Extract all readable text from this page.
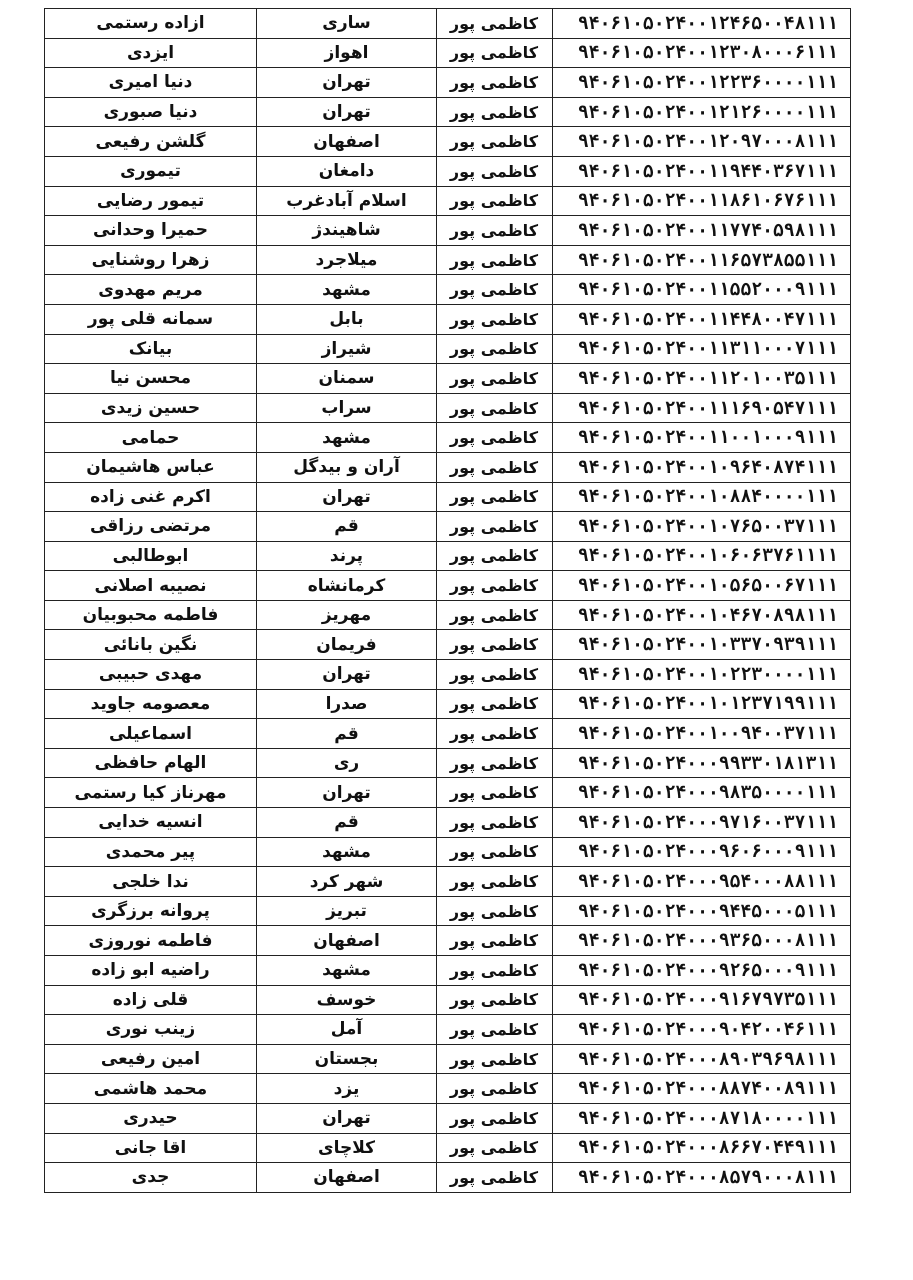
۹۴۰۶۱۰۵۰۲۴۰۰۱۲۴۶۵۰۰۴۸۱۱۱	کاظمی پور	ساری	ازاده رستمی
۹۴۰۶۱۰۵۰۲۴۰۰۱۲۳۰۸۰۰۰۶۱۱۱	کاظمی پور	اهواز	ایزدی
۹۴۰۶۱۰۵۰۲۴۰۰۱۲۲۳۶۰۰۰۰۱۱۱	کاظمی پور	تهران	دنیا امیری
۹۴۰۶۱۰۵۰۲۴۰۰۱۲۱۲۶۰۰۰۰۱۱۱	کاظمی پور	تهران	دنیا صبوری
۹۴۰۶۱۰۵۰۲۴۰۰۱۲۰۹۷۰۰۰۸۱۱۱	کاظمی پور	اصفهان	گلشن رفیعی
۹۴۰۶۱۰۵۰۲۴۰۰۱۱۹۴۴۰۳۶۷۱۱۱	کاظمی پور	دامغان	تیموری
۹۴۰۶۱۰۵۰۲۴۰۰۱۱۸۶۱۰۶۷۶۱۱۱	کاظمی پور	اسلام آبادغرب	تیمور رضایی
۹۴۰۶۱۰۵۰۲۴۰۰۱۱۷۷۴۰۵۹۸۱۱۱	کاظمی پور	شاهیندژ	حمیرا وحدانی
۹۴۰۶۱۰۵۰۲۴۰۰۱۱۶۵۷۳۸۵۵۱۱۱	کاظمی پور	میلاجرد	زهرا روشنایی
۹۴۰۶۱۰۵۰۲۴۰۰۱۱۵۵۲۰۰۰۹۱۱۱	کاظمی پور	مشهد	مریم مهدوی
۹۴۰۶۱۰۵۰۲۴۰۰۱۱۴۴۸۰۰۴۷۱۱۱	کاظمی پور	بابل	سمانه قلی پور
۹۴۰۶۱۰۵۰۲۴۰۰۱۱۳۱۱۰۰۰۷۱۱۱	کاظمی پور	شیراز	بیانک
۹۴۰۶۱۰۵۰۲۴۰۰۱۱۲۰۱۰۰۳۵۱۱۱	کاظمی پور	سمنان	محسن نیا
۹۴۰۶۱۰۵۰۲۴۰۰۱۱۱۶۹۰۵۴۷۱۱۱	کاظمی پور	سراب	حسین زیدی
۹۴۰۶۱۰۵۰۲۴۰۰۱۱۰۰۱۰۰۰۹۱۱۱	کاظمی پور	مشهد	حمامی
۹۴۰۶۱۰۵۰۲۴۰۰۱۰۹۶۴۰۸۷۴۱۱۱	کاظمی پور	آران و بیدگل	عباس هاشیمان
۹۴۰۶۱۰۵۰۲۴۰۰۱۰۸۸۴۰۰۰۰۱۱۱	کاظمی پور	تهران	اکرم غنی زاده
۹۴۰۶۱۰۵۰۲۴۰۰۱۰۷۶۵۰۰۳۷۱۱۱	کاظمی پور	قم	مرتضی رزاقی
۹۴۰۶۱۰۵۰۲۴۰۰۱۰۶۰۶۳۷۶۱۱۱۱	کاظمی پور	پرند	ابوطالبی
۹۴۰۶۱۰۵۰۲۴۰۰۱۰۵۶۵۰۰۶۷۱۱۱	کاظمی پور	کرمانشاه	نصیبه اصلانی
۹۴۰۶۱۰۵۰۲۴۰۰۱۰۴۶۷۰۸۹۸۱۱۱	کاظمی پور	مهریز	فاطمه محبوبیان
۹۴۰۶۱۰۵۰۲۴۰۰۱۰۳۳۷۰۹۳۹۱۱۱	کاظمی پور	فریمان	نگین بانائی
۹۴۰۶۱۰۵۰۲۴۰۰۱۰۲۲۳۰۰۰۰۱۱۱	کاظمی پور	تهران	مهدی حبیبی
۹۴۰۶۱۰۵۰۲۴۰۰۱۰۱۲۳۷۱۹۹۱۱۱	کاظمی پور	صدرا	معصومه جاوید
۹۴۰۶۱۰۵۰۲۴۰۰۱۰۰۹۴۰۰۳۷۱۱۱	کاظمی پور	قم	اسماعیلی
۹۴۰۶۱۰۵۰۲۴۰۰۰۹۹۳۳۰۱۸۱۳۱۱	کاظمی پور	ری	الهام حافظی
۹۴۰۶۱۰۵۰۲۴۰۰۰۹۸۳۵۰۰۰۰۱۱۱	کاظمی پور	تهران	مهرناز کیا رستمی
۹۴۰۶۱۰۵۰۲۴۰۰۰۹۷۱۶۰۰۳۷۱۱۱	کاظمی پور	قم	انسیه خدایی
۹۴۰۶۱۰۵۰۲۴۰۰۰۹۶۰۶۰۰۰۹۱۱۱	کاظمی پور	مشهد	پیر محمدی
۹۴۰۶۱۰۵۰۲۴۰۰۰۹۵۴۰۰۰۸۸۱۱۱	کاظمی پور	شهر کرد	ندا خلجی
۹۴۰۶۱۰۵۰۲۴۰۰۰۹۴۴۵۰۰۰۵۱۱۱	کاظمی پور	تبریز	پروانه برزگری
۹۴۰۶۱۰۵۰۲۴۰۰۰۹۳۶۵۰۰۰۸۱۱۱	کاظمی پور	اصفهان	فاطمه نوروزی
۹۴۰۶۱۰۵۰۲۴۰۰۰۹۲۶۵۰۰۰۹۱۱۱	کاظمی پور	مشهد	راضیه ابو زاده
۹۴۰۶۱۰۵۰۲۴۰۰۰۹۱۶۷۹۷۳۵۱۱۱	کاظمی پور	خوسف	قلی زاده
۹۴۰۶۱۰۵۰۲۴۰۰۰۹۰۴۲۰۰۴۶۱۱۱	کاظمی پور	آمل	زینب نوری
۹۴۰۶۱۰۵۰۲۴۰۰۰۸۹۰۳۹۶۹۸۱۱۱	کاظمی پور	بجستان	امین رفیعی
۹۴۰۶۱۰۵۰۲۴۰۰۰۸۸۷۴۰۰۸۹۱۱۱	کاظمی پور	یزد	محمد هاشمی
۹۴۰۶۱۰۵۰۲۴۰۰۰۸۷۱۸۰۰۰۰۱۱۱	کاظمی پور	تهران	حیدری
۹۴۰۶۱۰۵۰۲۴۰۰۰۸۶۶۷۰۴۴۹۱۱۱	کاظمی پور	کلاچای	اقا جانی
۹۴۰۶۱۰۵۰۲۴۰۰۰۸۵۷۹۰۰۰۸۱۱۱	کاظمی پور	اصفهان	جدی
